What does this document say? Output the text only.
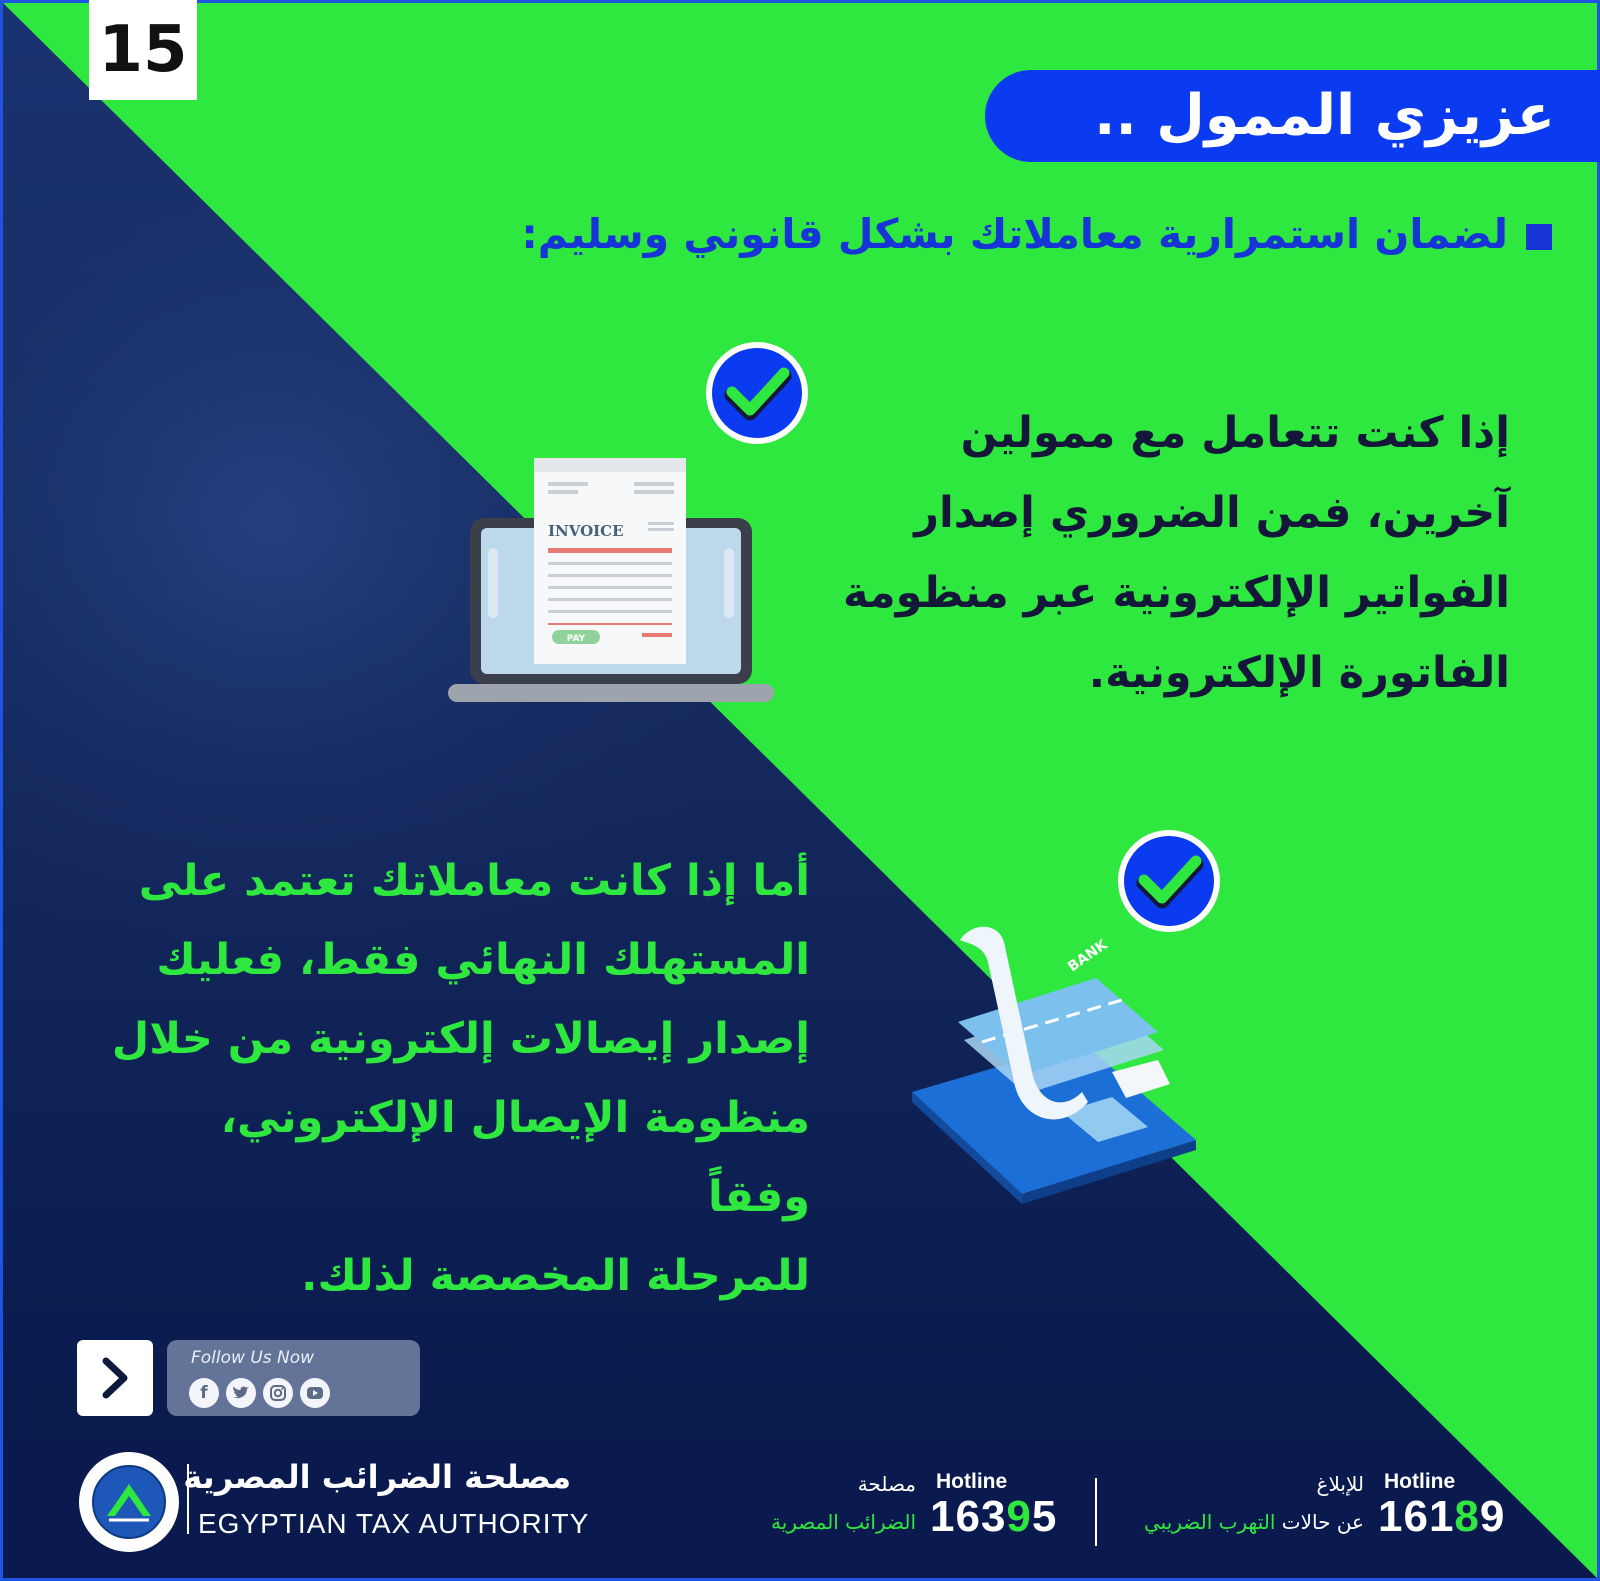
15
عزيزي الممول ..
لضمان استمرارية معاملاتك بشكل قانوني وسليم:
INVOICE
PAY
BANK
إذا كنت تتعامل مع ممولين
آخرين، فمن الضروري إصدار
الفواتير الإلكترونية عبر منظومة
الفاتورة الإلكترونية.
أما إذا كانت معاملاتك تعتمد على
المستهلك النهائي فقط، فعليك
إصدار إيصالات إلكترونية من خلال
منظومة الإيصال الإلكتروني، وفقاً
للمرحلة المخصصة لذلك.
Follow Us Now
f
مصلحة الضرائب المصرية
EGYPTIAN TAX AUTHORITY
Hotline
16395
مصلحة
الضرائب المصرية
Hotline
16189
للإبلاغ
عن حالات التهرب الضريبي
